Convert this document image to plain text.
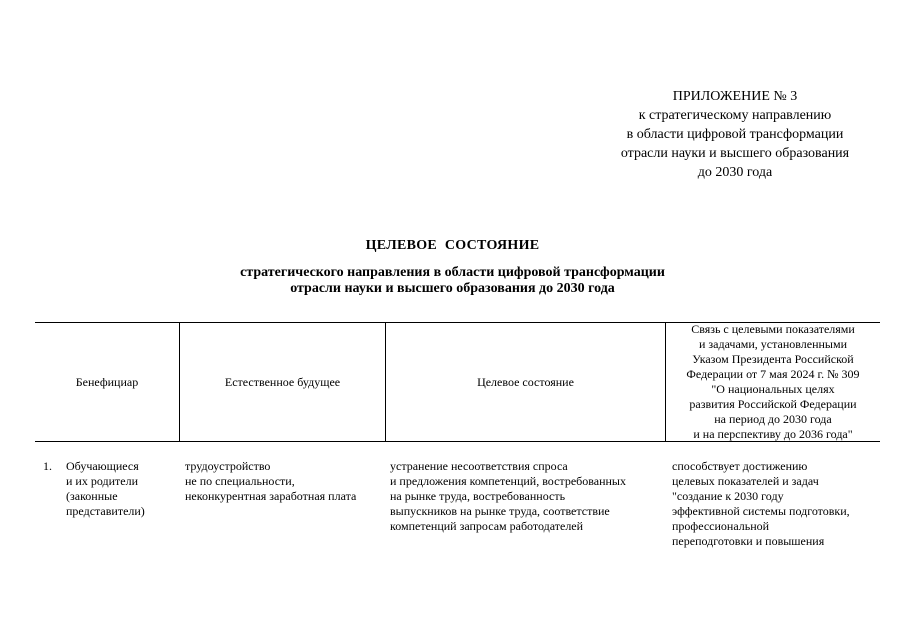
ПРИЛОЖЕНИЕ № 3
к стратегическому направлению
в области цифровой трансформации
отрасли науки и высшего образования
до 2030 года
ЦЕЛЕВОЕ СОСТОЯНИЕ
стратегического направления в области цифровой трансформации
отрасли науки и высшего образования до 2030 года
Бенефициар	Естественное будущее	Целевое состояние
Связь с целевыми показателями
и задачами, установленными
Указом Президента Российской
Федерации от 7 мая 2024 г. № 309
"О национальных целях
развития Российской Федерации
на период до 2030 года
и на перспективу до 2036 года"
1. Обучающиеся
и их родители
(законные
представители)
трудоустройство
не по специальности,
неконкурентная заработная плата
устранение несоответствия спроса
и предложения компетенций, востребованных
на рынке труда, востребованность
выпускников на рынке труда, соответствие
компетенций запросам работодателей
способствует достижению
целевых показателей и задач
"создание к 2030 году
эффективной системы подготовки,
профессиональной
переподготовки и повышения
